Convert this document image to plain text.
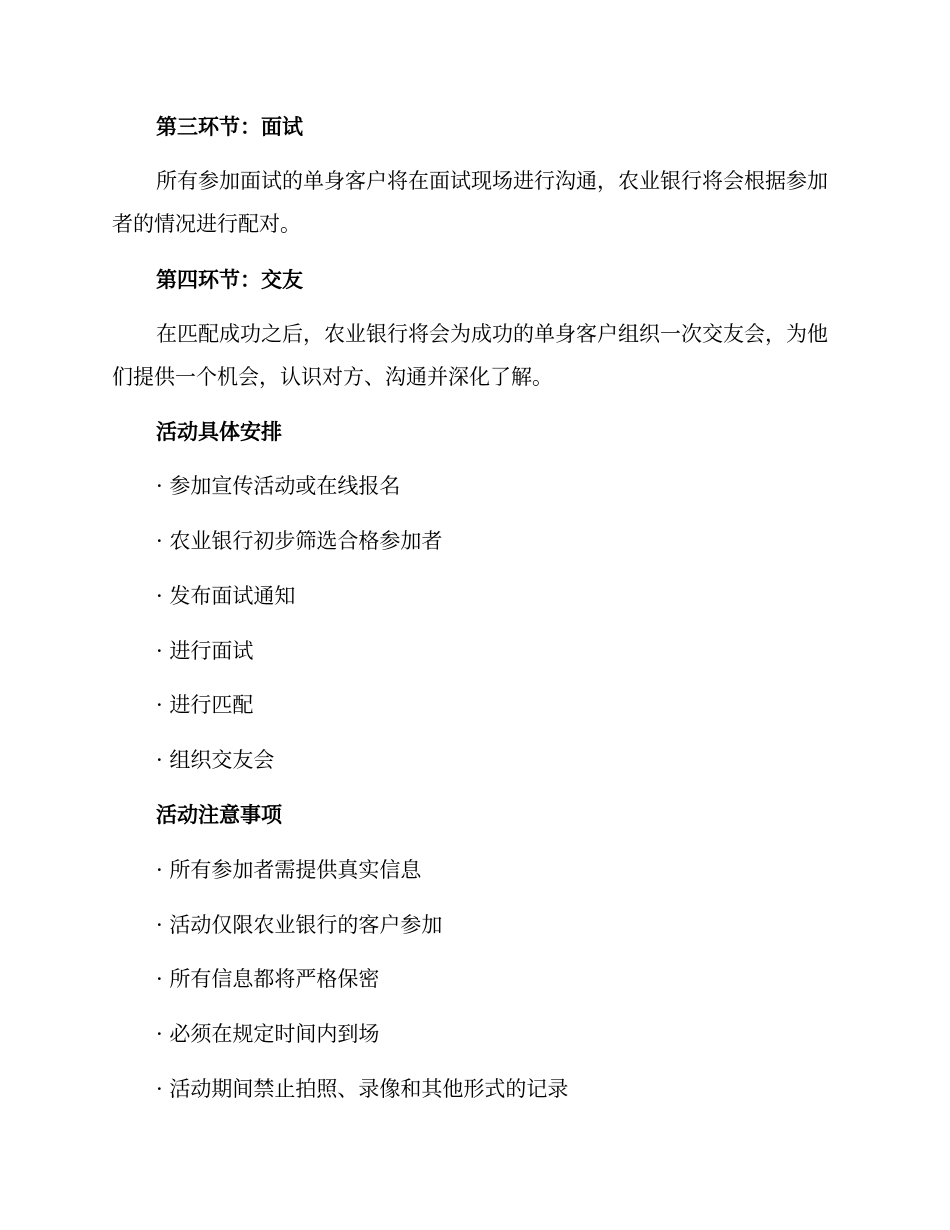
第三环节：面试
所有参加面试的单身客户将在面试现场进行沟通，农业银行将会根据参加者的情况进行配对。
第四环节：交友
在匹配成功之后，农业银行将会为成功的单身客户组织一次交友会，为他们提供一个机会，认识对方、沟通并深化了解。
活动具体安排
· 参加宣传活动或在线报名
· 农业银行初步筛选合格参加者
· 发布面试通知
· 进行面试
· 进行匹配
· 组织交友会
活动注意事项
· 所有参加者需提供真实信息
· 活动仅限农业银行的客户参加
· 所有信息都将严格保密
· 必须在规定时间内到场
· 活动期间禁止拍照、录像和其他形式的记录
